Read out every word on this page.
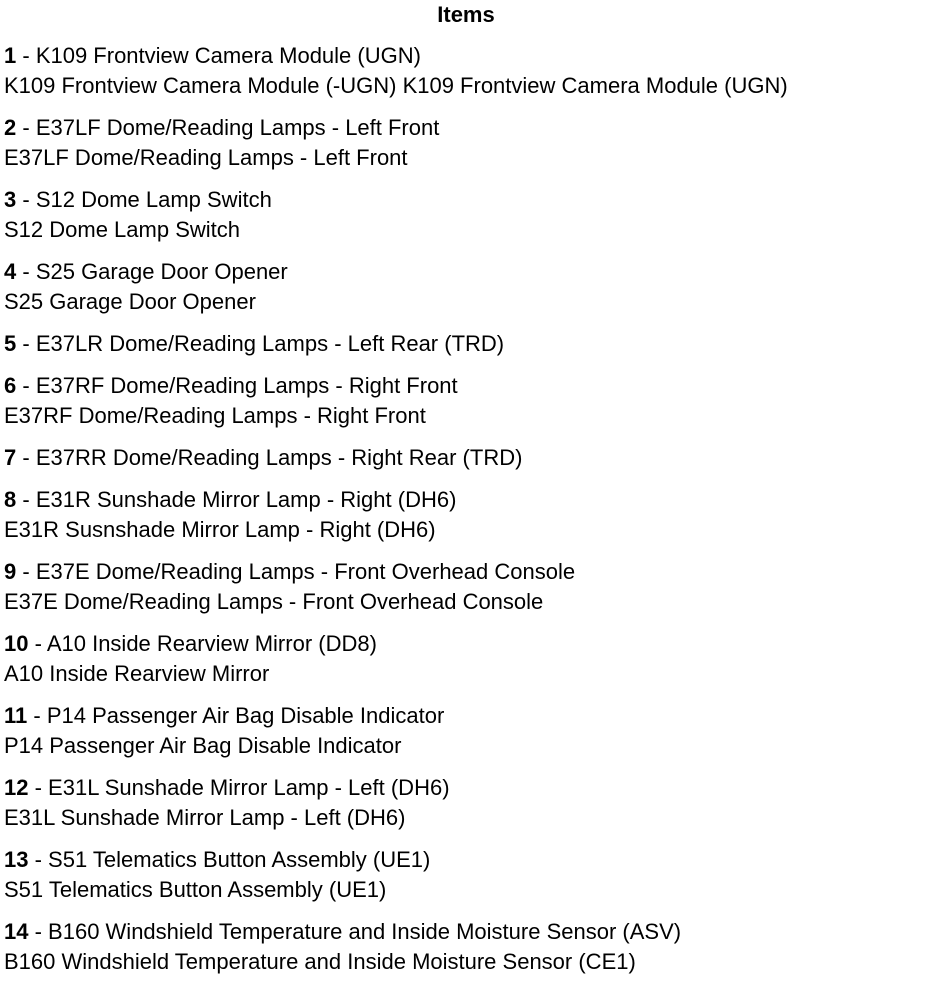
Items
1 - K109 Frontview Camera Module (UGN)
K109 Frontview Camera Module (-UGN) K109 Frontview Camera Module (UGN)
2 - E37LF Dome/Reading Lamps - Left Front
E37LF Dome/Reading Lamps - Left Front
3 - S12 Dome Lamp Switch
S12 Dome Lamp Switch
4 - S25 Garage Door Opener
S25 Garage Door Opener
5 - E37LR Dome/Reading Lamps - Left Rear (TRD)
6 - E37RF Dome/Reading Lamps - Right Front
E37RF Dome/Reading Lamps - Right Front
7 - E37RR Dome/Reading Lamps - Right Rear (TRD)
8 - E31R Sunshade Mirror Lamp - Right (DH6)
E31R Susnshade Mirror Lamp - Right (DH6)
9 - E37E Dome/Reading Lamps - Front Overhead Console
E37E Dome/Reading Lamps - Front Overhead Console
10 - A10 Inside Rearview Mirror (DD8)
A10 Inside Rearview Mirror
11 - P14 Passenger Air Bag Disable Indicator
P14 Passenger Air Bag Disable Indicator
12 - E31L Sunshade Mirror Lamp - Left (DH6)
E31L Sunshade Mirror Lamp - Left (DH6)
13 - S51 Telematics Button Assembly (UE1)
S51 Telematics Button Assembly (UE1)
14 - B160 Windshield Temperature and Inside Moisture Sensor (ASV)
B160 Windshield Temperature and Inside Moisture Sensor (CE1)
